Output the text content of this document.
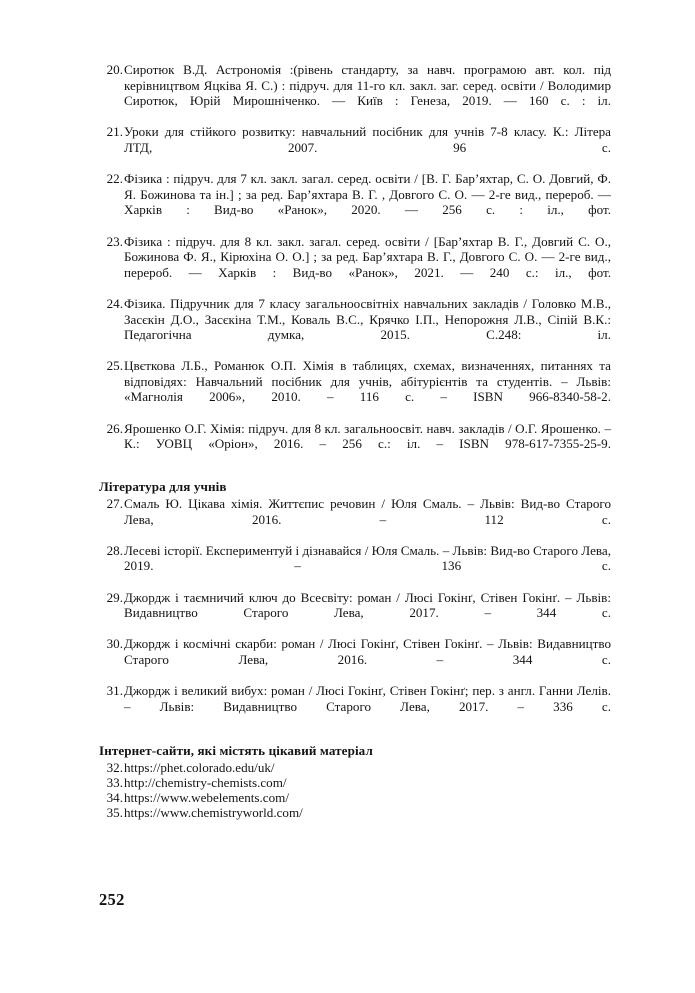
20. Сиротюк В.Д. Астрономія :(рівень стандарту, за навч. програмою авт. кол. під керівництвом Яцківа Я. С.) : підруч. для 11-го кл. закл. заг. серед. освіти / Володимир Сиротюк, Юрій Мирошніченко. — Київ : Генеза, 2019. — 160 с. : іл.
21. Уроки для стійкого розвитку: навчальний посібник для учнів 7-8 класу. К.: Літера ЛТД, 2007. 96 с.
22. Фізика : підруч. для 7 кл. закл. загал. серед. освіти / [В. Г. Бар’яхтар, С. О. Довгий, Ф. Я. Божинова та ін.] ; за ред. Бар’яхтара В. Г. , Довгого С. О. — 2-ге вид., перероб. — Харків : Вид-во «Ранок», 2020. — 256 с. : іл., фот.
23. Фізика : підруч. для 8 кл. закл. загал. серед. освіти / [Бар’яхтар В. Г., Довгий С. О., Божинова Ф. Я., Кірюхіна О. О.] ; за ред. Бар’яхтара В. Г., Довгого С. О. — 2-ге вид., перероб. — Харків : Вид-во «Ранок», 2021. — 240 с.: іл., фот.
24. Фізика. Підручник для 7 класу загальноосвітніх навчальних закладів / Головко М.В., Засєкін Д.О., Засєкіна Т.М., Коваль В.С., Крячко І.П., Непорожня Л.В., Сіпій В.К.: Педагогічна думка, 2015. С.248: іл.
25. Цвєткова Л.Б., Романюк О.П. Хімія в таблицях, схемах, визначеннях, питаннях та відповідях: Навчальний посібник для учнів, абітурієнтів та студентів. – Львів: «Магнолія 2006», 2010. – 116 с. – ISBN 966-8340-58-2.
26. Ярошенко О.Г. Хімія: підруч. для 8 кл. загальноосвіт. навч. закладів / О.Г. Ярошенко. – К.: УОВЦ «Оріон», 2016. – 256 с.: іл. – ISBN 978-617-7355-25-9.
Література для учнів
27. Смаль Ю. Цікава хімія. Життєпис речовин / Юля Смаль. – Львів: Вид-во Старого Лева, 2016. – 112 с.
28. Лесеві історії. Експериментуй і дізнавайся / Юля Смаль. – Львів: Вид-во Старого Лева, 2019. – 136 с.
29. Джордж і таємничий ключ до Всесвіту: роман / Люсі Гокінґ, Стівен Гокінґ. – Львів: Видавництво Старого Лева, 2017. – 344 с.
30. Джордж і космічні скарби: роман / Люсі Гокінґ, Стівен Гокінґ. – Львів: Видавництво Старого Лева, 2016. – 344 с.
31. Джордж і великий вибух: роман / Люсі Гокінґ, Стівен Гокінґ; пер. з англ. Ганни Лелів. – Львів: Видавництво Старого Лева, 2017. – 336 с.
Інтернет-сайти, які містять цікавий матеріал
32. https://phet.colorado.edu/uk/
33. http://chemistry-chemists.com/
34. https://www.webelements.com/
35. https://www.chemistryworld.com/
252
